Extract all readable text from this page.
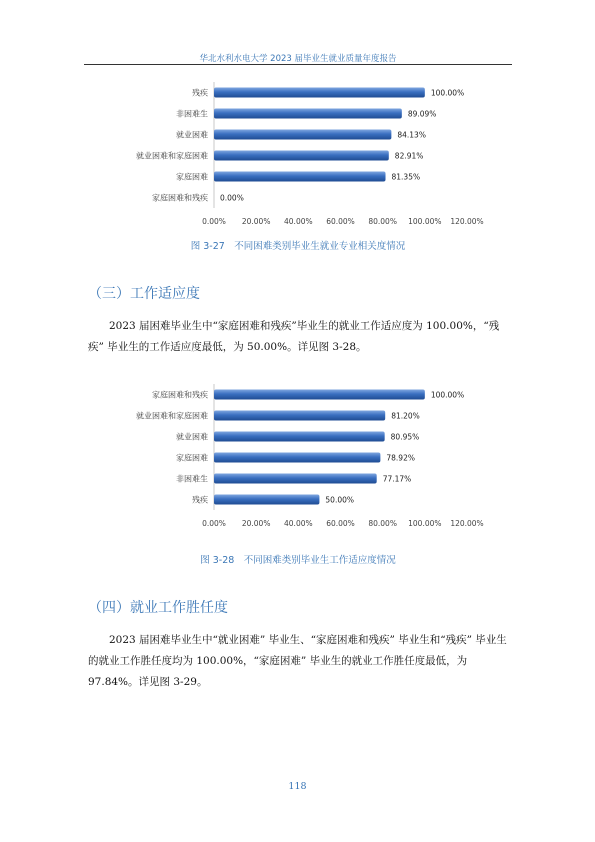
华北水利水电大学 2023 届毕业生就业质量年度报告
残疾	100.00%
非困难生	89.09%
就业困难	84.13%
就业困难和家庭困难	82.91%
家庭困难	81.35%
家庭困难和残疾 0.00%
0.00% 20.00% 40.00% 60.00% 80.00% 100.00% 120.00%
图 3-27　不同困难类别毕业生就业专业相关度情况
（三）工作适应度

2023 届困难毕业生中“家庭困难和残疾”毕业生的就业工作适应度为 100.00%，“残疾” 毕业生的工作适应度最低，为 50.00%。详见图 3-28。

家庭困难和残疾	100.00%
就业困难和家庭困难	81.20%
就业困难	80.95%
家庭困难	78.92%
非困难生	77.17%
残疾	50.00%
0.00% 20.00% 40.00% 60.00% 80.00% 100.00% 120.00%
图 3-28　不同困难类别毕业生工作适应度情况
（四）就业工作胜任度

2023 届困难毕业生中“就业困难” 毕业生、“家庭困难和残疾” 毕业生和“残疾” 毕业生的就业工作胜任度均为 100.00%，“家庭困难” 毕业生的就业工作胜任度最低，为 97.84%。详见图 3-29。

118
